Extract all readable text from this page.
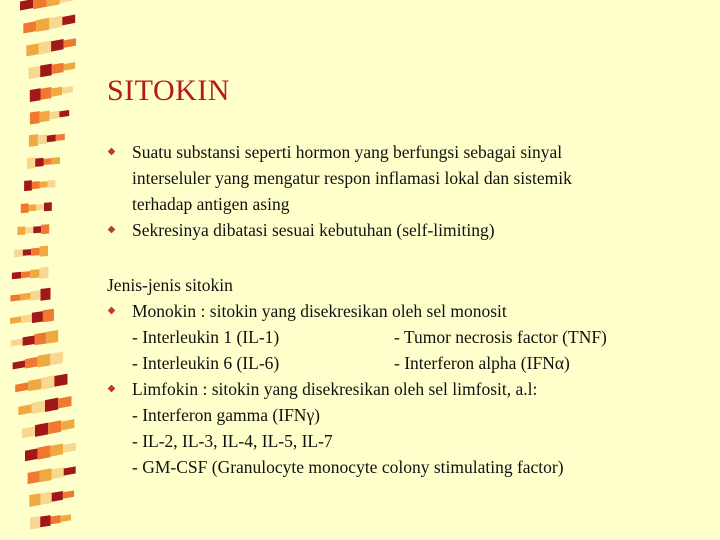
SITOKIN

Suatu substansi seperti hormon yang berfungsi sebagai sinyal

interseluler yang mengatur respon inflamasi lokal dan sistemik

terhadap antigen asing

Sekresinya dibatasi sesuai kebutuhan (self-limiting)

Jenis-jenis sitokin

Monokin : sitokin yang disekresikan oleh sel monosit

- Interleukin 1 (IL-1)	- Tumor necrosis factor (TNF)
- Interleukin 6 (IL-6)	- Interferon alpha (IFNα)

Limfokin : sitokin yang disekresikan oleh sel limfosit, a.l:

- Interferon gamma (IFNγ)

- IL-2, IL-3, IL-4, IL-5, IL-7

- GM-CSF (Granulocyte monocyte colony stimulating factor)
